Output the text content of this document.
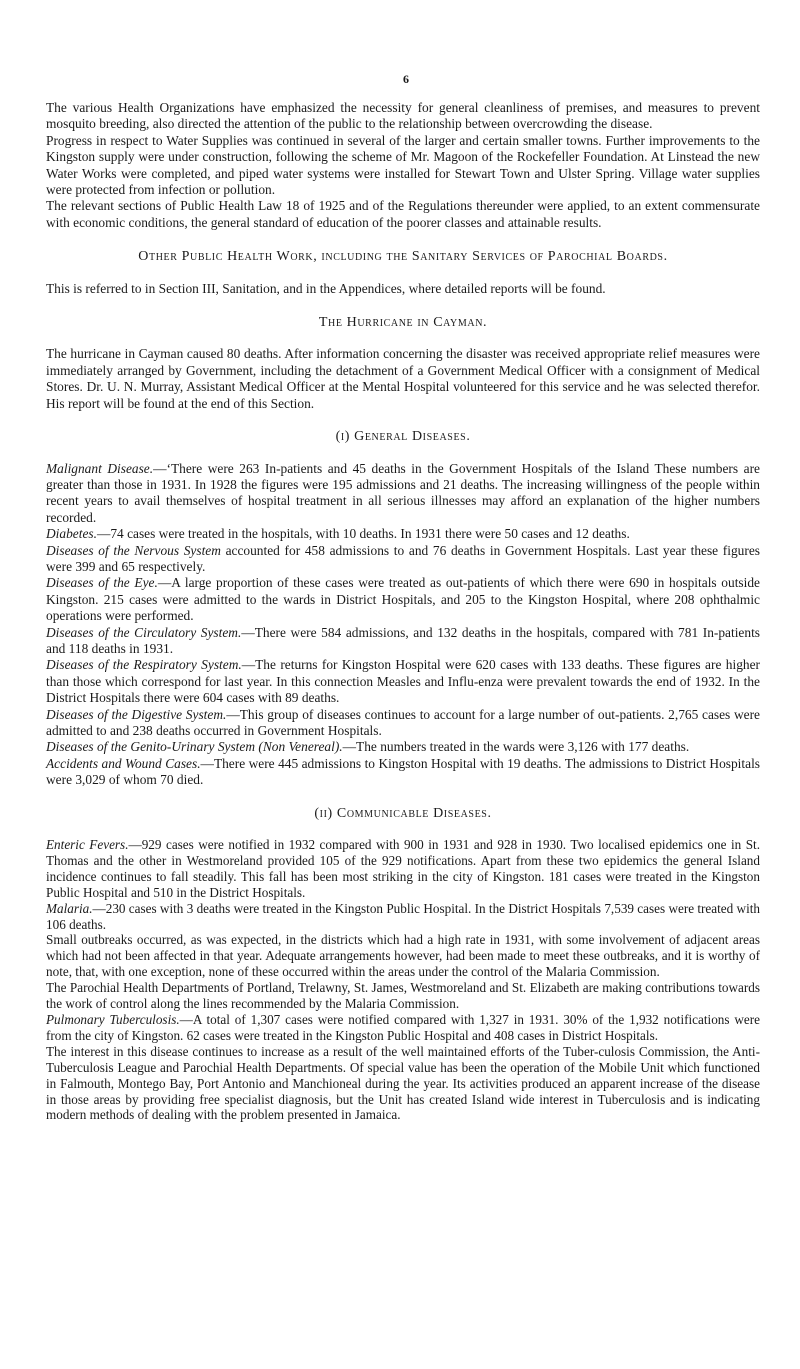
6

The various Health Organizations have emphasized the necessity for general cleanliness of premises, and measures to prevent mosquito breeding, also directed the attention of the public to the relationship between overcrowding the disease.

Progress in respect to Water Supplies was continued in several of the larger and certain smaller towns. Further improvements to the Kingston supply were under construction, following the scheme of Mr. Magoon of the Rockefeller Foundation. At Linstead the new Water Works were completed, and piped water systems were installed for Stewart Town and Ulster Spring. Village water supplies were protected from infection or pollution.

The relevant sections of Public Health Law 18 of 1925 and of the Regulations thereunder were applied, to an extent commensurate with economic conditions, the general standard of education of the poorer classes and attainable results.

Other Public Health Work, including the Sanitary Services of Parochial Boards.

This is referred to in Section III, Sanitation, and in the Appendices, where detailed reports will be found.

The Hurricane in Cayman.

The hurricane in Cayman caused 80 deaths. After information concerning the disaster was received appropriate relief measures were immediately arranged by Government, including the detachment of a Government Medical Officer with a consignment of Medical Stores. Dr. U. N. Murray, Assistant Medical Officer at the Mental Hospital volunteered for this service and he was selected therefor. His report will be found at the end of this Section.

(i) General Diseases.

Malignant Disease.—‘There were 263 In-patients and 45 deaths in the Government Hospitals of the Island These numbers are greater than those in 1931. In 1928 the figures were 195 admissions and 21 deaths. The increasing willingness of the people within recent years to avail themselves of hospital treatment in all serious illnesses may afford an explanation of the higher numbers recorded.

Diabetes.—74 cases were treated in the hospitals, with 10 deaths. In 1931 there were 50 cases and 12 deaths.

Diseases of the Nervous System accounted for 458 admissions to and 76 deaths in Government Hospitals. Last year these figures were 399 and 65 respectively.

Diseases of the Eye.—A large proportion of these cases were treated as out-patients of which there were 690 in hospitals outside Kingston. 215 cases were admitted to the wards in District Hospitals, and 205 to the Kingston Hospital, where 208 ophthalmic operations were performed.

Diseases of the Circulatory System.—There were 584 admissions, and 132 deaths in the hospitals, compared with 781 In-patients and 118 deaths in 1931.

Diseases of the Respiratory System.—The returns for Kingston Hospital were 620 cases with 133 deaths. These figures are higher than those which correspond for last year. In this connection Measles and Influ-enza were prevalent towards the end of 1932. In the District Hospitals there were 604 cases with 89 deaths.

Diseases of the Digestive System.—This group of diseases continues to account for a large number of out-patients. 2,765 cases were admitted to and 238 deaths occurred in Government Hospitals.

Diseases of the Genito-Urinary System (Non Venereal).—The numbers treated in the wards were 3,126 with 177 deaths.

Accidents and Wound Cases.—There were 445 admissions to Kingston Hospital with 19 deaths. The admissions to District Hospitals were 3,029 of whom 70 died.

(ii) Communicable Diseases.

Enteric Fevers.—929 cases were notified in 1932 compared with 900 in 1931 and 928 in 1930. Two localised epidemics one in St. Thomas and the other in Westmoreland provided 105 of the 929 notifications. Apart from these two epidemics the general Island incidence continues to fall steadily. This fall has been most striking in the city of Kingston. 181 cases were treated in the Kingston Public Hospital and 510 in the District Hospitals.

Malaria.—230 cases with 3 deaths were treated in the Kingston Public Hospital. In the District Hospitals 7,539 cases were treated with 106 deaths.

Small outbreaks occurred, as was expected, in the districts which had a high rate in 1931, with some involvement of adjacent areas which had not been affected in that year. Adequate arrangements however, had been made to meet these outbreaks, and it is worthy of note, that, with one exception, none of these occurred within the areas under the control of the Malaria Commission.

The Parochial Health Departments of Portland, Trelawny, St. James, Westmoreland and St. Elizabeth are making contributions towards the work of control along the lines recommended by the Malaria Commission.

Pulmonary Tuberculosis.—A total of 1,307 cases were notified compared with 1,327 in 1931. 30% of the 1,932 notifications were from the city of Kingston. 62 cases were treated in the Kingston Public Hospital and 408 cases in District Hospitals.

The interest in this disease continues to increase as a result of the well maintained efforts of the Tuber-culosis Commission, the Anti-Tuberculosis League and Parochial Health Departments. Of special value has been the operation of the Mobile Unit which functioned in Falmouth, Montego Bay, Port Antonio and Manchioneal during the year. Its activities produced an apparent increase of the disease in those areas by providing free specialist diagnosis, but the Unit has created Island wide interest in Tuberculosis and is indicating modern methods of dealing with the problem presented in Jamaica.
